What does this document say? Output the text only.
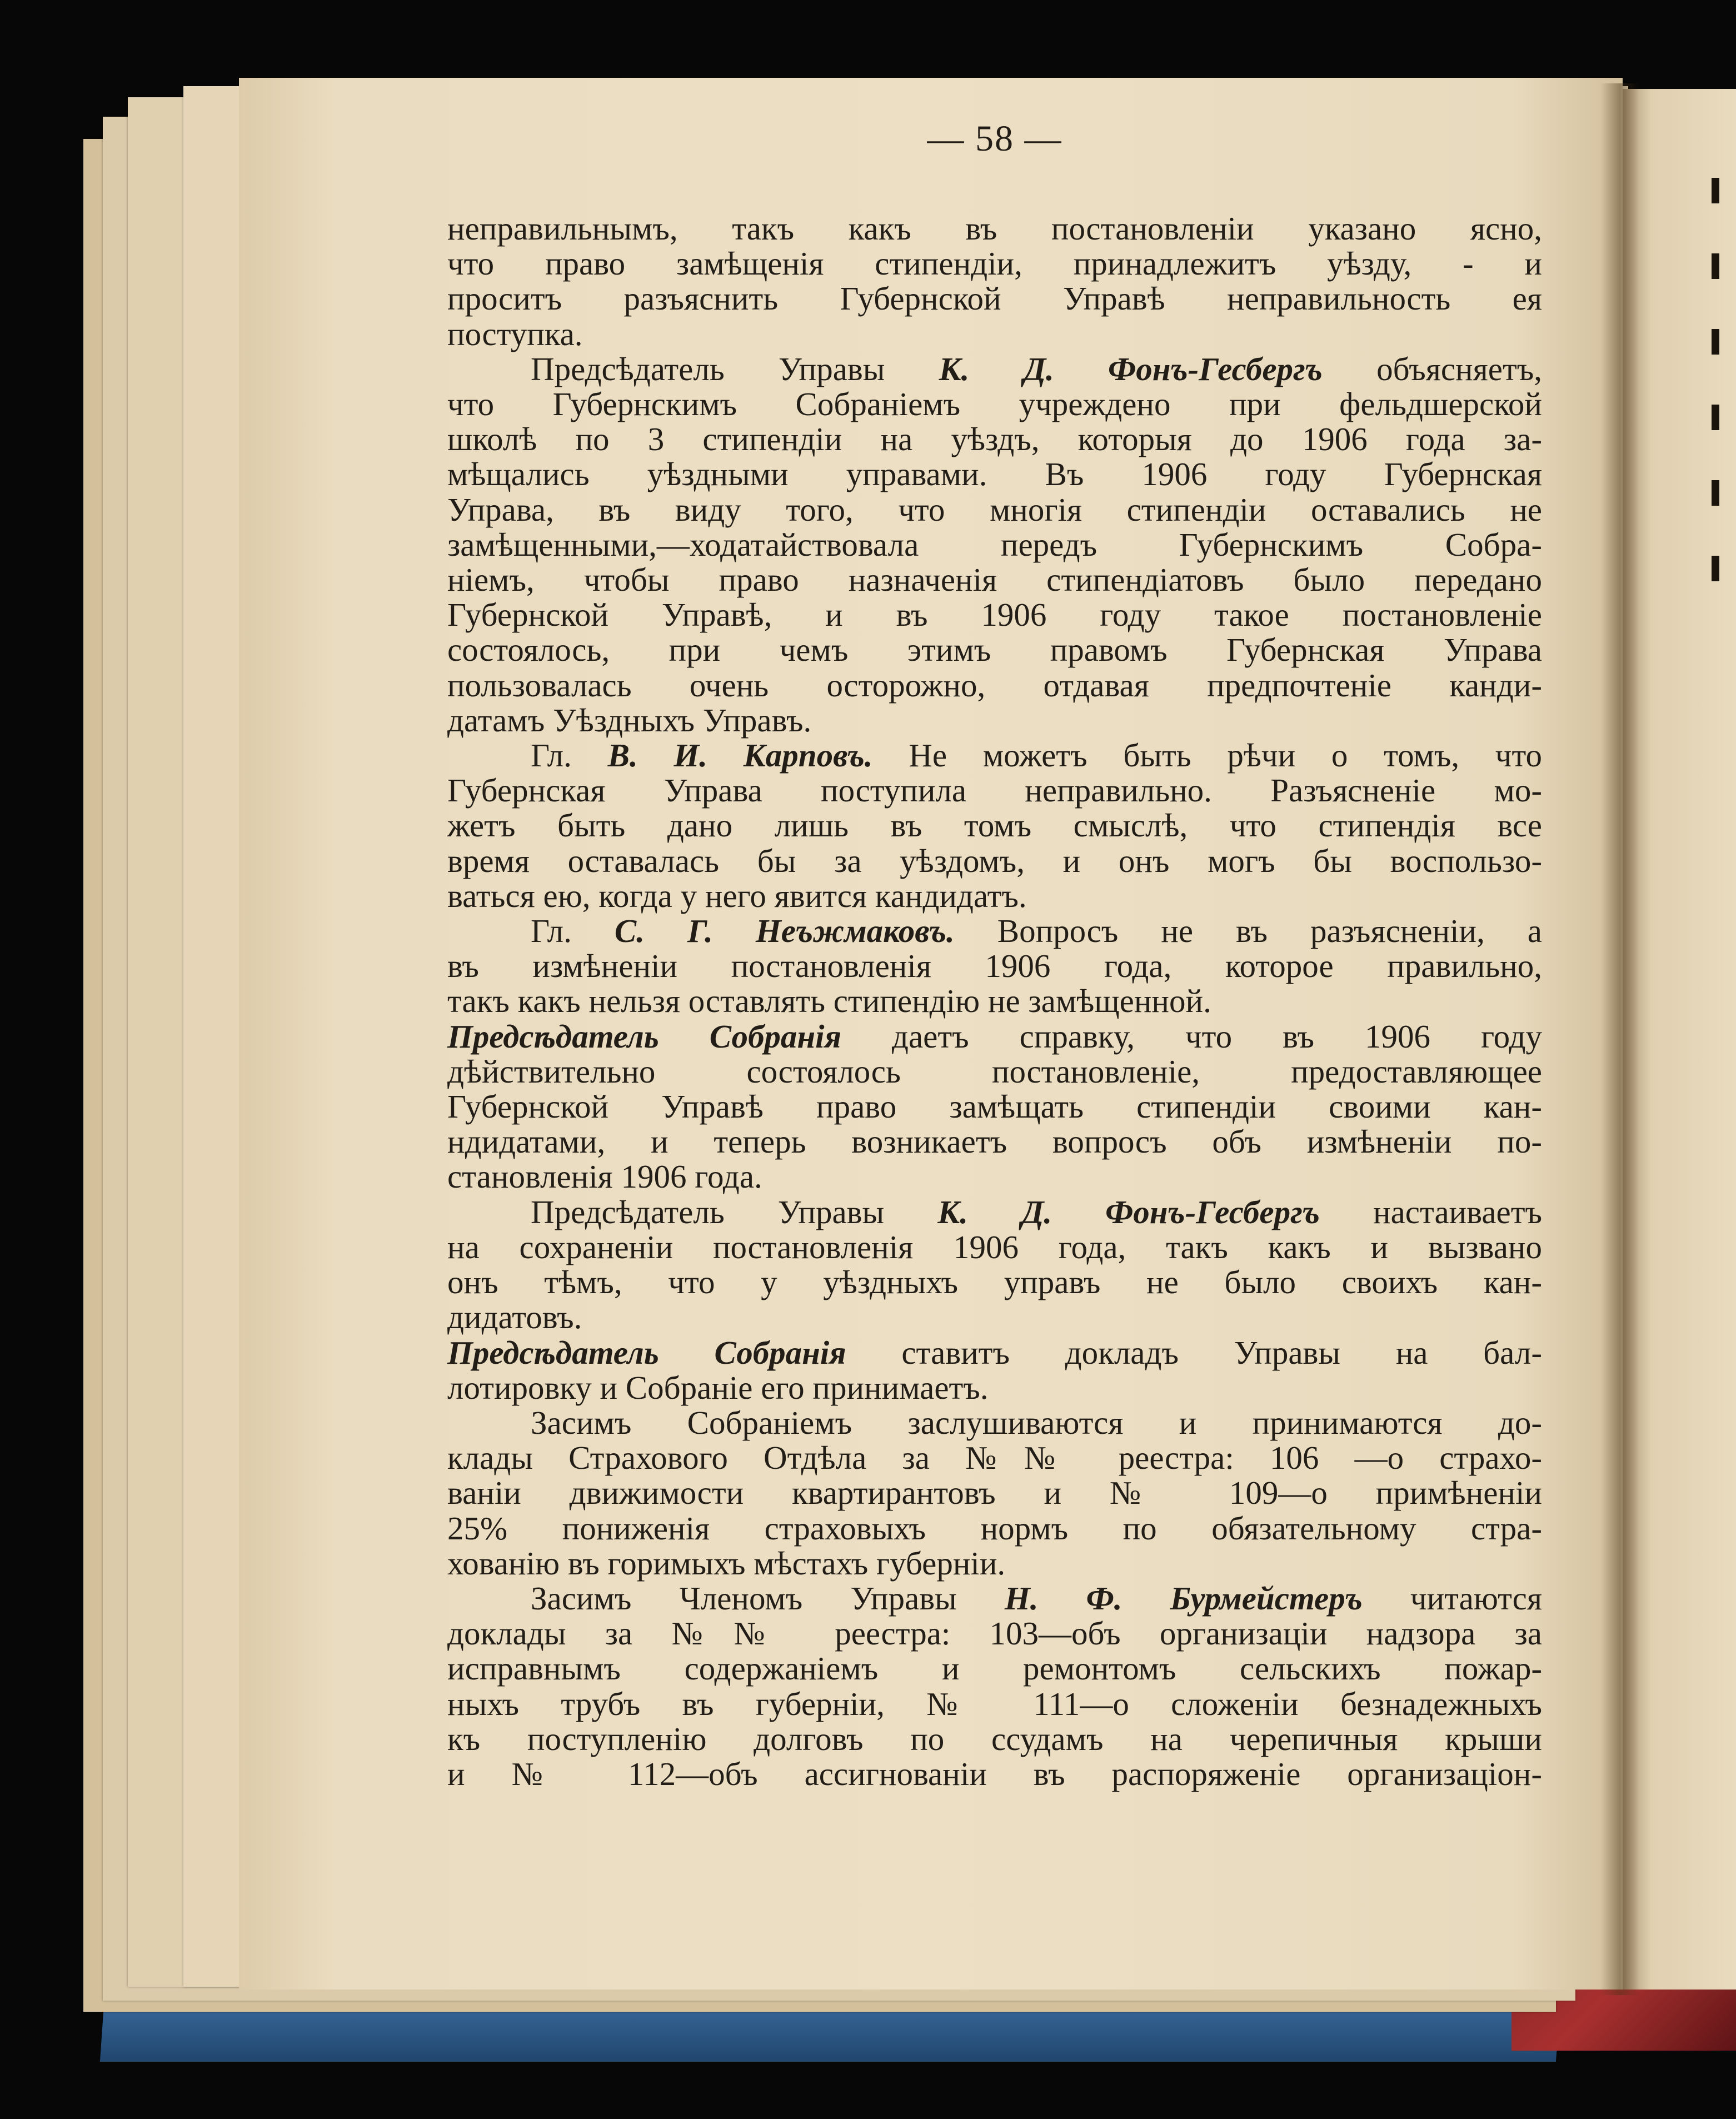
— 58 —
неправильнымъ, такъ какъ въ постановленіи указано ясно,
что право замѣщенія стипендіи, принадлежитъ уѣзду, - и
проситъ разъяснить Губернской Управѣ неправильность ея
поступка.
Предсѣдатель Управы К. Д. Фонъ-Гесбергъ объясняетъ,
что Губернскимъ Собраніемъ учреждено при фельдшерской
школѣ по 3 стипендіи на уѣздъ, которыя до 1906 года за-
мѣщались уѣздными управами. Въ 1906 году Губернская
Управа, въ виду того, что многія стипендіи оставались не
замѣщенными,—ходатайствовала передъ Губернскимъ Собра-
ніемъ, чтобы право назначенія стипендіатовъ было передано
Губернской Управѣ, и въ 1906 году такое постановленіе
состоялось, при чемъ этимъ правомъ Губернская Управа
пользовалась очень осторожно, отдавая предпочтеніе канди-
датамъ Уѣздныхъ Управъ.
Гл. В. И. Карповъ. Не можетъ быть рѣчи о томъ, что
Губернская Управа поступила неправильно. Разъясненіе мо-
жетъ быть дано лишь въ томъ смыслѣ, что стипендія все
время оставалась бы за уѣздомъ, и онъ могъ бы воспользо-
ваться ею, когда у него явится кандидатъ.
Гл. С. Г. Неъжмаковъ. Вопросъ не въ разъясненіи, а
въ измѣненіи постановленія 1906 года, которое правильно,
такъ какъ нельзя оставлять стипендію не замѣщенной.
Предсѣдатель Собранія даетъ справку, что въ 1906 году
дѣйствительно состоялось постановленіе, предоставляющее
Губернской Управѣ право замѣщать стипендіи своими кан-
ндидатами, и теперь возникаетъ вопросъ объ измѣненіи по-
становленія 1906 года.
Предсѣдатель Управы К. Д. Фонъ-Гесбергъ настаиваетъ
на сохраненіи постановленія 1906 года, такъ какъ и вызвано
онъ тѣмъ, что у уѣздныхъ управъ не было своихъ кан-
дидатовъ.
Предсѣдатель Собранія ставитъ докладъ Управы на бал-
лотировку и Собраніе его принимаетъ.
Засимъ Собраніемъ заслушиваются и принимаются до-
клады Страхового Отдѣла за №№ реестра: 106 —о страхо-
ваніи движимости квартирантовъ и № 109—о примѣненіи
25% пониженія страховыхъ нормъ по обязательному стра-
хованію въ горимыхъ мѣстахъ губерніи.
Засимъ Членомъ Управы Н. Ф. Бурмейстеръ читаются
доклады за №№ реестра: 103—объ организаціи надзора за
исправнымъ содержаніемъ и ремонтомъ сельскихъ пожар-
ныхъ трубъ въ губерніи, № 111—о сложеніи безнадежныхъ
къ поступленію долговъ по ссудамъ на черепичныя крыши
и № 112—объ ассигнованіи въ распоряженіе организаціон-
